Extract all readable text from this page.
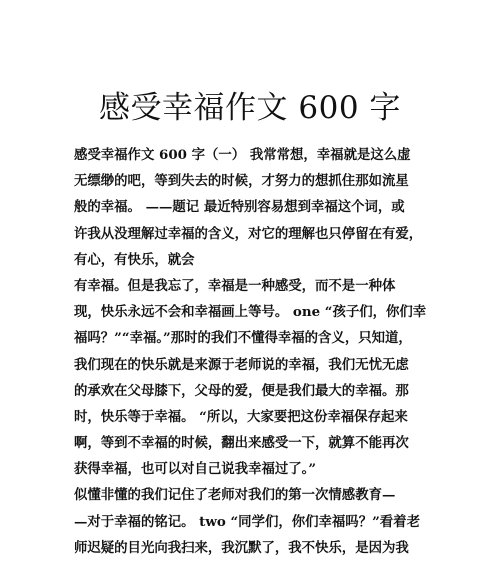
感受幸福作文 600 字
感受幸福作文 600 字（一） 我常常想，幸福就是这么虚
无缥缈的吧，等到失去的时候，才努力的想抓住那如流星
般的幸福。 ——题记 最近特别容易想到幸福这个词，或
许我从没理解过幸福的含义，对它的理解也只停留在有爱，
有心，有快乐，就会
有幸福。但是我忘了，幸福是一种感受，而不是一种体
现，快乐永远不会和幸福画上等号。 one “孩子们，你们幸
福吗？”“幸福。”那时的我们不懂得幸福的含义，只知道，
我们现在的快乐就是来源于老师说的幸福，我们无忧无虑
的承欢在父母膝下，父母的爱，便是我们最大的幸福。那
时，快乐等于幸福。 “所以，大家要把这份幸福保存起来
啊，等到不幸福的时候，翻出来感受一下，就算不能再次
获得幸福，也可以对自己说我幸福过了。”
似懂非懂的我们记住了老师对我们的第一次情感教育—
—对于幸福的铭记。 two “同学们，你们幸福吗？”看着老
师迟疑的目光向我扫来，我沉默了，我不快乐，是因为我
